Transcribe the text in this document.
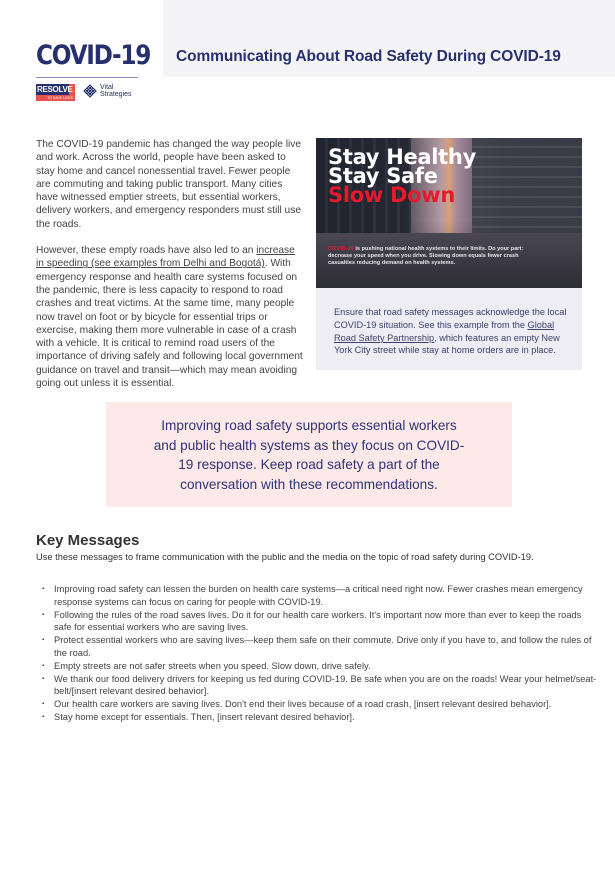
COVID-19
RESOLVE
TO SAVE LIVES
Vital
Strategies
Communicating About Road Safety During COVID-19

The COVID-19 pandemic has changed the way people live and work. Across the world, people have been asked to stay home and cancel nonessential travel. Fewer people are commuting and taking public transport. Many cities have witnessed emptier streets, but essential workers, delivery workers, and emergency responders must still use the roads.

However, these empty roads have also led to an increase in speeding (see examples from Delhi and Bogotá). With emergency response and health care systems focused on the pandemic, there is less capacity to respond to road crashes and treat victims. At the same time, many people now travel on foot or by bicycle for essential trips or exercise, making them more vulnerable in case of a crash with a vehicle. It is critical to remind road users of the importance of driving safely and following local government guidance on travel and transit—which may mean avoiding going out unless it is essential.

Stay Healthy
Stay Safe
Slow Down
COVID-19 is pushing national health systems to their limits. Do your part: decrease your speed when you drive. Slowing down equals fewer crash casualties reducing demand on health systems.

Ensure that road safety messages acknowledge the local COVID-19 situation. See this example from the Global Road Safety Partnership, which features an empty New York City street while stay at home orders are in place.

Improving road safety supports essential workers and public health systems as they focus on COVID-19 response. Keep road safety a part of the conversation with these recommendations.

Key Messages

Use these messages to frame communication with the public and the media on the topic of road safety during COVID-19.

▪ Improving road safety can lessen the burden on health care systems—a critical need right now. Fewer crashes mean emergency response systems can focus on caring for people with COVID-19.
▪ Following the rules of the road saves lives. Do it for our health care workers. It's important now more than ever to keep the roads safe for essential workers who are saving lives.
▪ Protect essential workers who are saving lives—keep them safe on their commute. Drive only if you have to, and follow the rules of the road.
▪ Empty streets are not safer streets when you speed. Slow down, drive safely.
▪ We thank our food delivery drivers for keeping us fed during COVID-19. Be safe when you are on the roads! Wear your helmet/seat-belt/[insert relevant desired behavior].
▪ Our health care workers are saving lives. Don't end their lives because of a road crash, [insert relevant desired behavior].
▪ Stay home except for essentials. Then, [insert relevant desired behavior].
